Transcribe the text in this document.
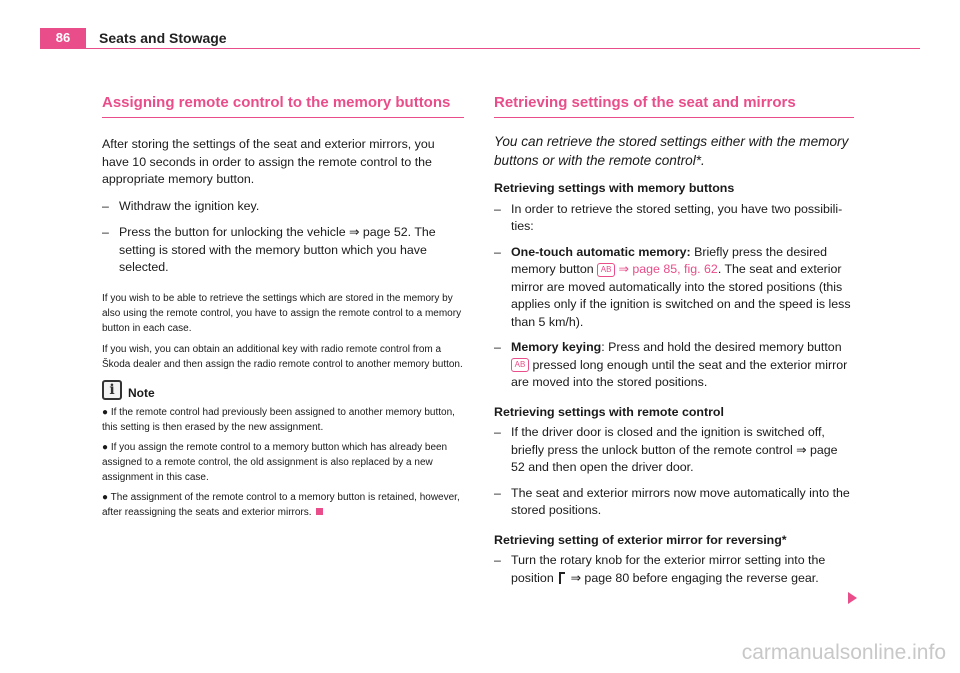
86	Seats and Stowage
Assigning remote control to the memory buttons

After storing the settings of the seat and exterior mirrors, you have 10 seconds in order to assign the remote control to the appropriate memory button.

– Withdraw the ignition key.
– Press the button for unlocking the vehicle ⇒ page 52. The setting is stored with the memory button which you have selected.

If you wish to be able to retrieve the settings which are stored in the memory by also using the remote control, you have to assign the remote control to a memory button in each case.

If you wish, you can obtain an additional key with radio remote control from a Škoda dealer and then assign the radio remote control to another memory button.

i	Note

● If the remote control had previously been assigned to another memory button, this setting is then erased by the new assignment.

● If you assign the remote control to a memory button which has already been assigned to a remote control, the old assignment is also replaced by a new assignment in this case.

● The assignment of the remote control to a memory button is retained, however, after reassigning the seats and exterior mirrors.

Retrieving settings of the seat and mirrors

You can retrieve the stored settings either with the memory buttons or with the remote control*.

Retrieving settings with memory buttons

– In order to retrieve the stored setting, you have two possibili-ties:
– One-touch automatic memory: Briefly press the desired memory button AB ⇒ page 85, fig. 62. The seat and exterior mirror are moved automatically into the stored positions (this applies only if the ignition is switched on and the speed is less than 5 km/h).
– Memory keying: Press and hold the desired memory button AB pressed long enough until the seat and the exterior mirror are moved into the stored positions.

Retrieving settings with remote control

– If the driver door is closed and the ignition is switched off, briefly press the unlock button of the remote control ⇒ page 52 and then open the driver door.
– The seat and exterior mirrors now move automatically into the stored positions.

Retrieving setting of exterior mirror for reversing*

– Turn the rotary knob for the exterior mirror setting into the position  ⇒ page 80 before engaging the reverse gear.
carmanualsonline.info
